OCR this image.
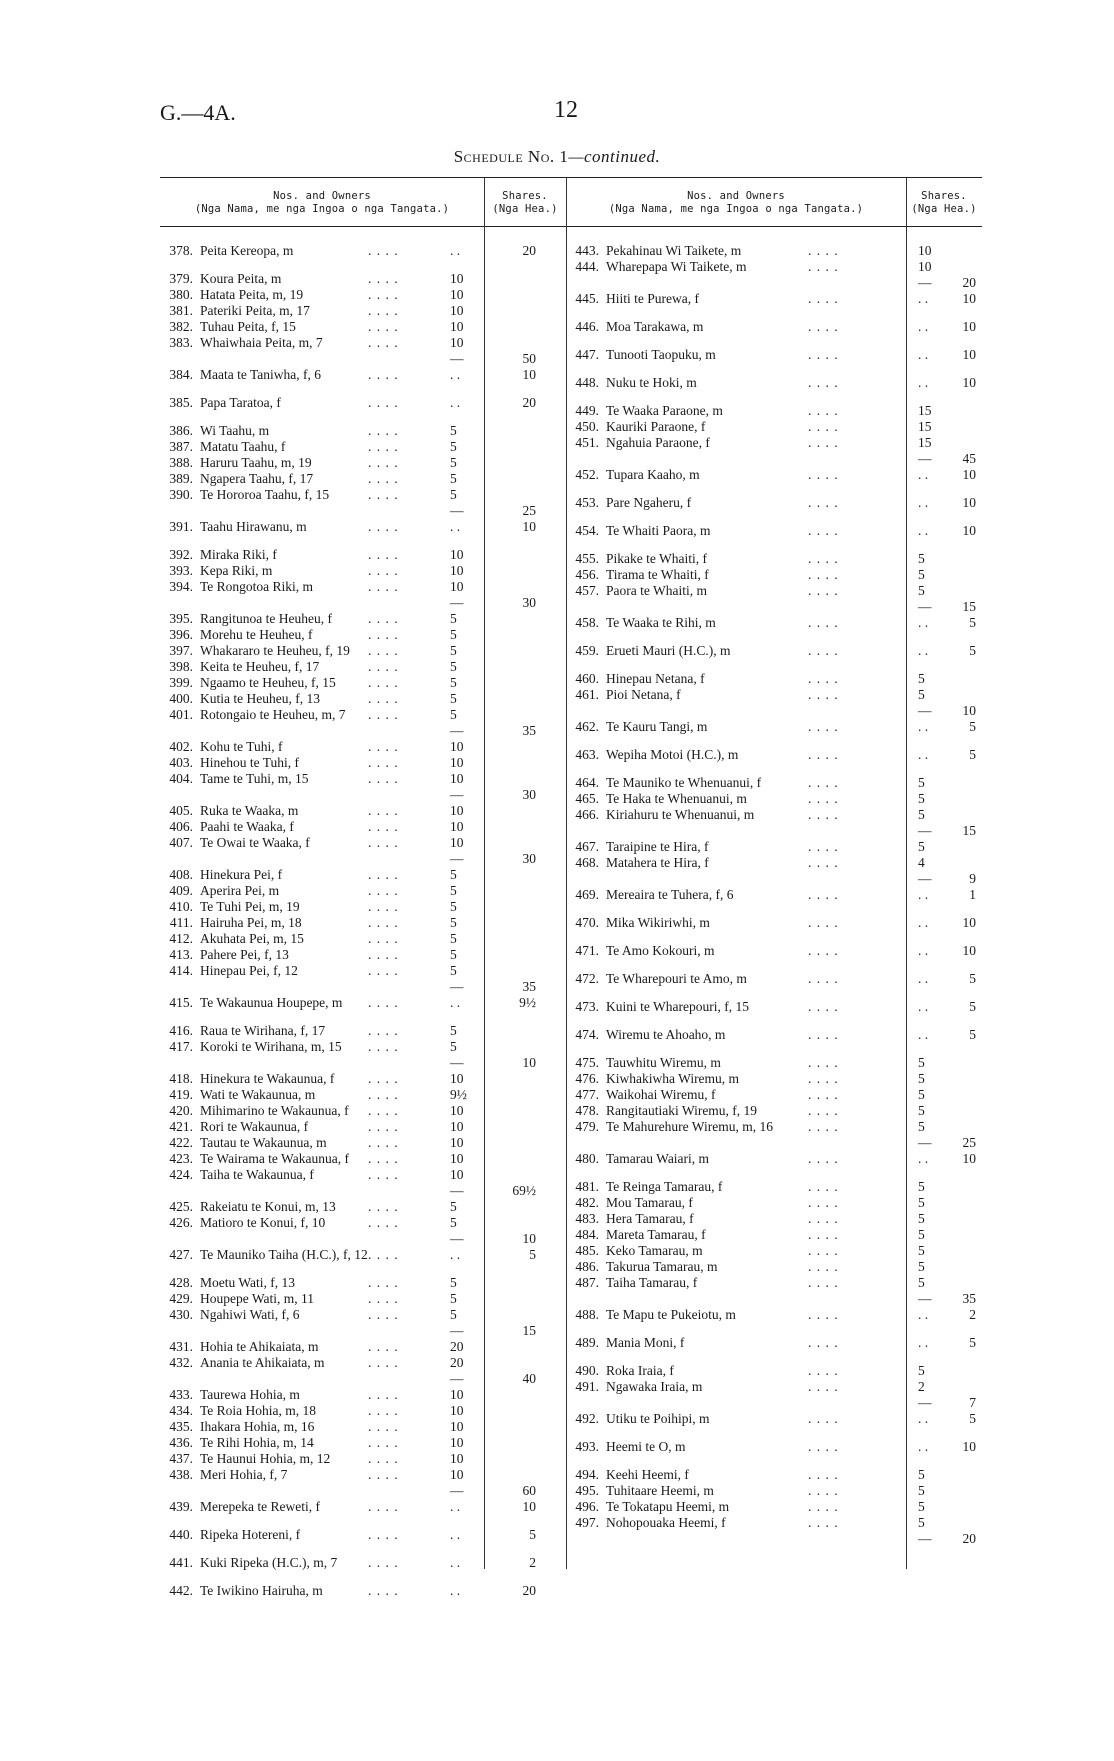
G.—4A.	12
Schedule No. 1—continued.
Nos. and Owners
(Nga Nama, me nga Ingoa o nga Tangata.)
Shares.
(Nga Hea.)
Nos. and Owners
(Nga Nama, me nga Ingoa o nga Tangata.)
Shares.
(Nga Hea.)
378. Peita Kereopa, m	. . . .	. .	20
379. Koura Peita, m	. . . .	10
380. Hatata Peita, m, 19	. . . .	10
381. Pateriki Peita, m, 17	. . . .	10
382. Tuhau Peita, f, 15	. . . .	10
383. Whaiwhaia Peita, m, 7	. . . .	10
—	50
384. Maata te Taniwha, f, 6	. . . .	. .	10
385. Papa Taratoa, f	. . . .	. .	20
386. Wi Taahu, m	. . . .	5
387. Matatu Taahu, f	. . . .	5
388. Haruru Taahu, m, 19	. . . .	5
389. Ngapera Taahu, f, 17	. . . .	5
390. Te Hororoa Taahu, f, 15	. . . .	5
—	25
391. Taahu Hirawanu, m	. . . .	. .	10
392. Miraka Riki, f	. . . .	10
393. Kepa Riki, m	. . . .	10
394. Te Rongotoa Riki, m	. . . .	10
—	30
395. Rangitunoa te Heuheu, f	. . . .	5
396. Morehu te Heuheu, f	. . . .	5
397. Whakararo te Heuheu, f, 19 . . . .	5
398. Keita te Heuheu, f, 17	. . . .	5
399. Ngaamo te Heuheu, f, 15 . . . .	5
400. Kutia te Heuheu, f, 13	. . . .	5
401. Rotongaio te Heuheu, m, 7 . . . .	5
—	35
402. Kohu te Tuhi, f	. . . .	10
403. Hinehou te Tuhi, f	. . . .	10
404. Tame te Tuhi, m, 15	. . . .	10
—	30
405. Ruka te Waaka, m	. . . .	10
406. Paahi te Waaka, f	. . . .	10
407. Te Owai te Waaka, f	. . . .	10
—	30
408. Hinekura Pei, f	. . . .	5
409. Aperira Pei, m	. . . .	5
410. Te Tuhi Pei, m, 19	. . . .	5
411. Hairuha Pei, m, 18	. . . .	5
412. Akuhata Pei, m, 15	. . . .	5
413. Pahere Pei, f, 13	. . . .	5
414. Hinepau Pei, f, 12	. . . .	5
—	35
415. Te Wakaunua Houpepe, m . . . .	. .	9½
416. Raua te Wirihana, f, 17	. . . .	5
417. Koroki te Wirihana, m, 15 . . . .	5
—	10
418. Hinekura te Wakaunua, f . . . .	10
419. Wati te Wakaunua, m	. . . .	9½
420. Mihimarino te Wakaunua, f . . . .	10
421. Rori te Wakaunua, f	. . . .	10
422. Tautau te Wakaunua, m	. . . .	10
423. Te Wairama te Wakaunua, f . . . .	10
424. Taiha te Wakaunua, f	. . . .	10
—	69½
425. Rakeiatu te Konui, m, 13 . . . .	5
426. Matioro te Konui, f, 10	. . . .	5
—	10
427. Te Mauniko Taiha (H.C.), f, 12 . . . .	. .	5
428. Moetu Wati, f, 13	. . . .	5
429. Houpepe Wati, m, 11	. . . .	5
430. Ngahiwi Wati, f, 6	. . . .	5
—	15
431. Hohia te Ahikaiata, m	. . . .	20
432. Anania te Ahikaiata, m	. . . .	20
—	40
433. Taurewa Hohia, m	. . . .	10
434. Te Roia Hohia, m, 18	. . . .	10
435. Ihakara Hohia, m, 16	. . . .	10
436. Te Rihi Hohia, m, 14	. . . .	10
437. Te Haunui Hohia, m, 12	. . . .	10
438. Meri Hohia, f, 7	. . . .	10
—	60
439. Merepeka te Reweti, f	. . . .	. .	10
440. Ripeka Hotereni, f	. . . .	. .	5
441. Kuki Ripeka (H.C.), m, 7 . . . .	. .	2
442. Te Iwikino Hairuha, m	. . . .	. .	20
443. Pekahinau Wi Taikete, m	. . . .	10
444. Wharepapa Wi Taikete, m	. . . .	10
—	20
445. Hiiti te Purewa, f	. . . .	. .	10
446. Moa Tarakawa, m	. . . .	. .	10
447. Tunooti Taopuku, m	. . . .	. .	10
448. Nuku te Hoki, m	. . . .	. .	10
449. Te Waaka Paraone, m	. . . .	15
450. Kauriki Paraone, f	. . . .	15
451. Ngahuia Paraone, f	. . . .	15
—	45
452. Tupara Kaaho, m	. . . .	. .	10
453. Pare Ngaheru, f	. . . .	. .	10
454. Te Whaiti Paora, m	. . . .	. .	10
455. Pikake te Whaiti, f	. . . .	5
456. Tirama te Whaiti, f	. . . .	5
457. Paora te Whaiti, m	. . . .	5
—	15
458. Te Waaka te Rihi, m	. . . .	. .	5
459. Erueti Mauri (H.C.), m	. . . .	. .	5
460. Hinepau Netana, f	. . . .	5
461. Pioi Netana, f	. . . .	5
—	10
462. Te Kauru Tangi, m	. . . .	. .	5
463. Wepiha Motoi (H.C.), m	. . . .	. .	5
464. Te Mauniko te Whenuanui, f	. . . .	5
465. Te Haka te Whenuanui, m	. . . .	5
466. Kiriahuru te Whenuanui, m	. . . .	5
—	15
467. Taraipine te Hira, f	. . . .	5
468. Matahera te Hira, f	. . . .	4
—	9
469. Mereaira te Tuhera, f, 6	. . . .	. .	1
470. Mika Wikiriwhi, m	. . . .	. .	10
471. Te Amo Kokouri, m	. . . .	. .	10
472. Te Wharepouri te Amo, m	. . . .	. .	5
473. Kuini te Wharepouri, f, 15	. . . .	. .	5
474. Wiremu te Ahoaho, m	. . . .	. .	5
475. Tauwhitu Wiremu, m	. . . .	5
476. Kiwhakiwha Wiremu, m	. . . .	5
477. Waikohai Wiremu, f	. . . .	5
478. Rangitautiaki Wiremu, f, 19	. . . .	5
479. Te Mahurehure Wiremu, m, 16	. . . .	5
—	25
480. Tamarau Waiari, m	. . . .	. .	10
481. Te Reinga Tamarau, f	. . . .	5
482. Mou Tamarau, f	. . . .	5
483. Hera Tamarau, f	. . . .	5
484. Mareta Tamarau, f	. . . .	5
485. Keko Tamarau, m	. . . .	5
486. Takurua Tamarau, m	. . . .	5
487. Taiha Tamarau, f	. . . .	5
—	35
488. Te Mapu te Pukeiotu, m	. . . .	. .	2
489. Mania Moni, f	. . . .	. .	5
490. Roka Iraia, f	. . . .	5
491. Ngawaka Iraia, m	. . . .	2
—	7
492. Utiku te Poihipi, m	. . . .	. .	5
493. Heemi te O, m	. . . .	. .	10
494. Keehi Heemi, f	. . . .	5
495. Tuhitaare Heemi, m	. . . .	5
496. Te Tokatapu Heemi, m	. . . .	5
497. Nohopouaka Heemi, f	. . . .	5
—	20
